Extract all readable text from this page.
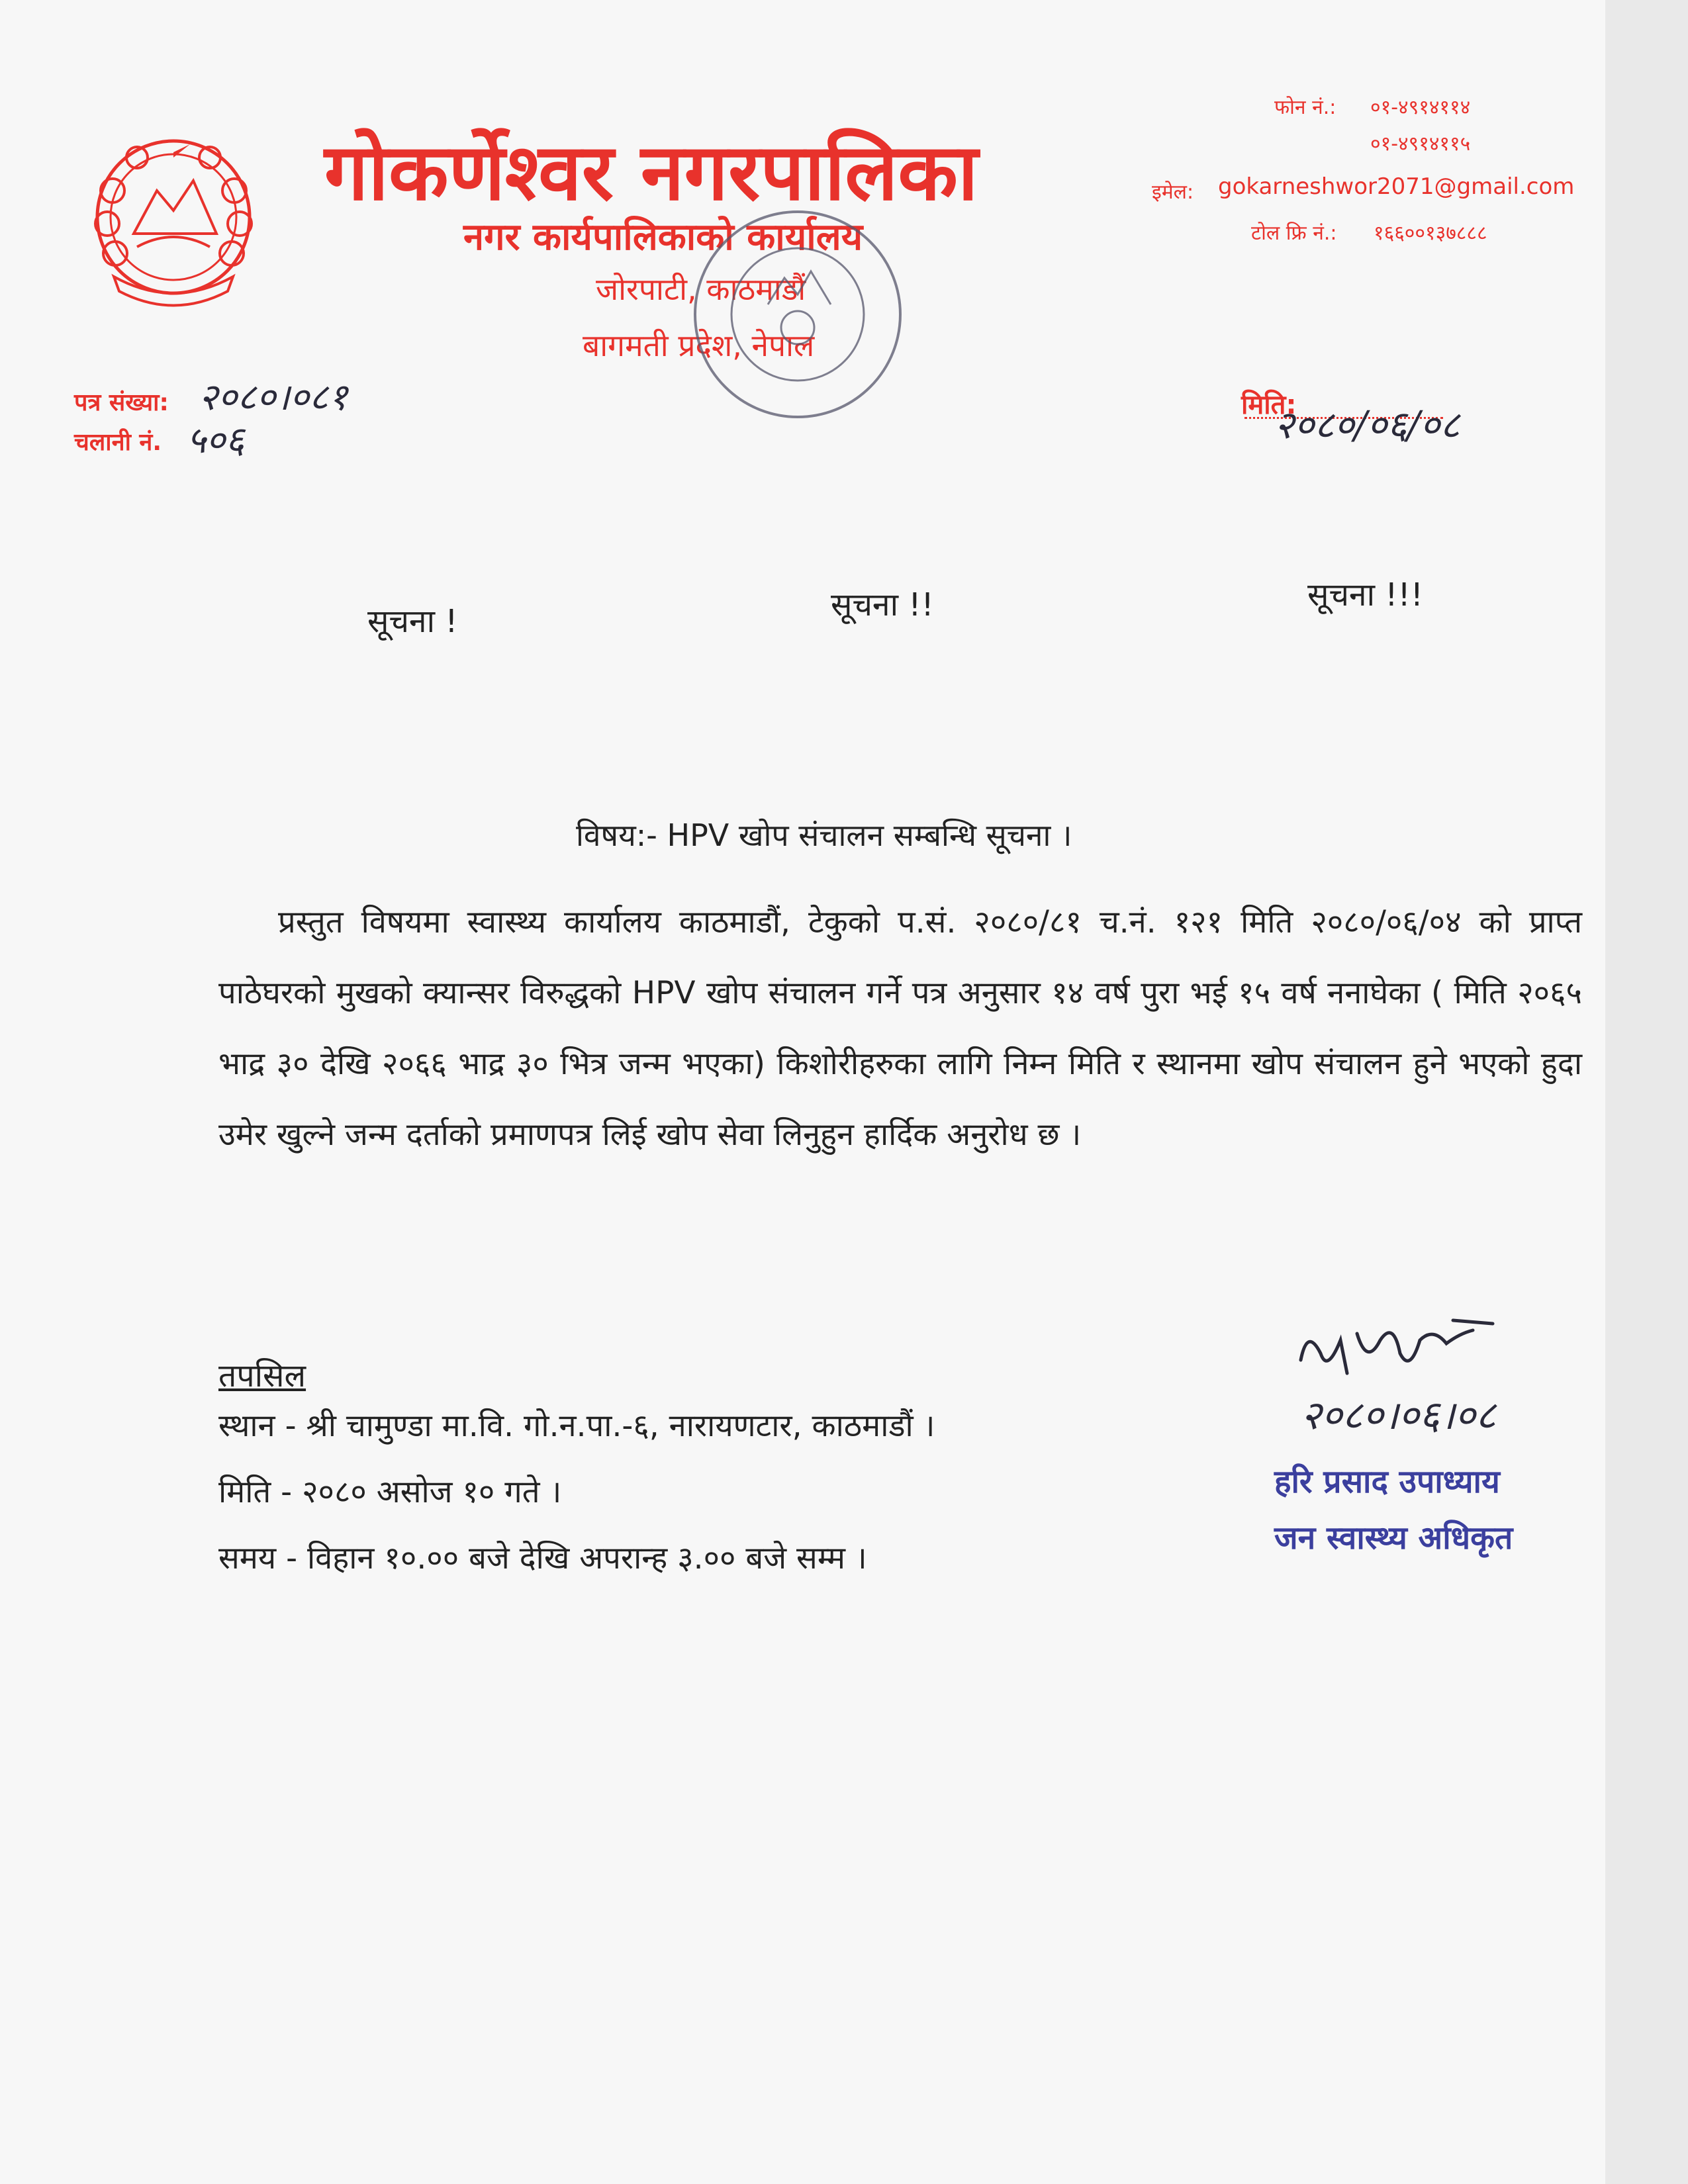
गोकर्णेश्वर नगरपालिका
नगर कार्यपालिकाको कार्यालय
जोरपाटी, काठमाडौं
बागमती प्रदेश, नेपाल
फोन नं.: ०१-४९१४११४
०१-४९१४११५
इमेल: gokarneshwor2071@gmail.com
टोल फ्रि नं.: १६६००१३७८८८
पत्र संख्या: २०८०।०८१
चलानी नं. ५०६
मिति:
२०८०/०६/०८
सूचना !	सूचना !!	सूचना !!!
विषय:- HPV खोप संचालन सम्बन्धि सूचना ।
प्रस्तुत विषयमा स्वास्थ्य कार्यालय काठमाडौं, टेकुको प.सं. २०८०/८१ च.नं. १२१ मिति २०८०/०६/०४ को प्राप्त पाठेघरको मुखको क्यान्सर विरुद्धको HPV खोप संचालन गर्ने पत्र अनुसार १४ वर्ष पुरा भई १५ वर्ष ननाघेका ( मिति २०६५ भाद्र ३० देखि २०६६ भाद्र ३० भित्र जन्म भएका) किशोरीहरुका लागि निम्न मिति र स्थानमा खोप संचालन हुने भएको हुदा उमेर खुल्ने जन्म दर्ताको प्रमाणपत्र लिई खोप सेवा लिनुहुन हार्दिक अनुरोध छ ।
तपसिल
स्थान - श्री चामुण्डा मा.वि. गो.न.पा.-६, नारायणटार, काठमाडौं ।
मिति - २०८० असोज १० गते ।
समय - विहान १०.०० बजे देखि अपरान्ह ३.०० बजे सम्म ।
२०८०।०६।०८
हरि प्रसाद उपाध्याय
जन स्वास्थ्य अधिकृत
